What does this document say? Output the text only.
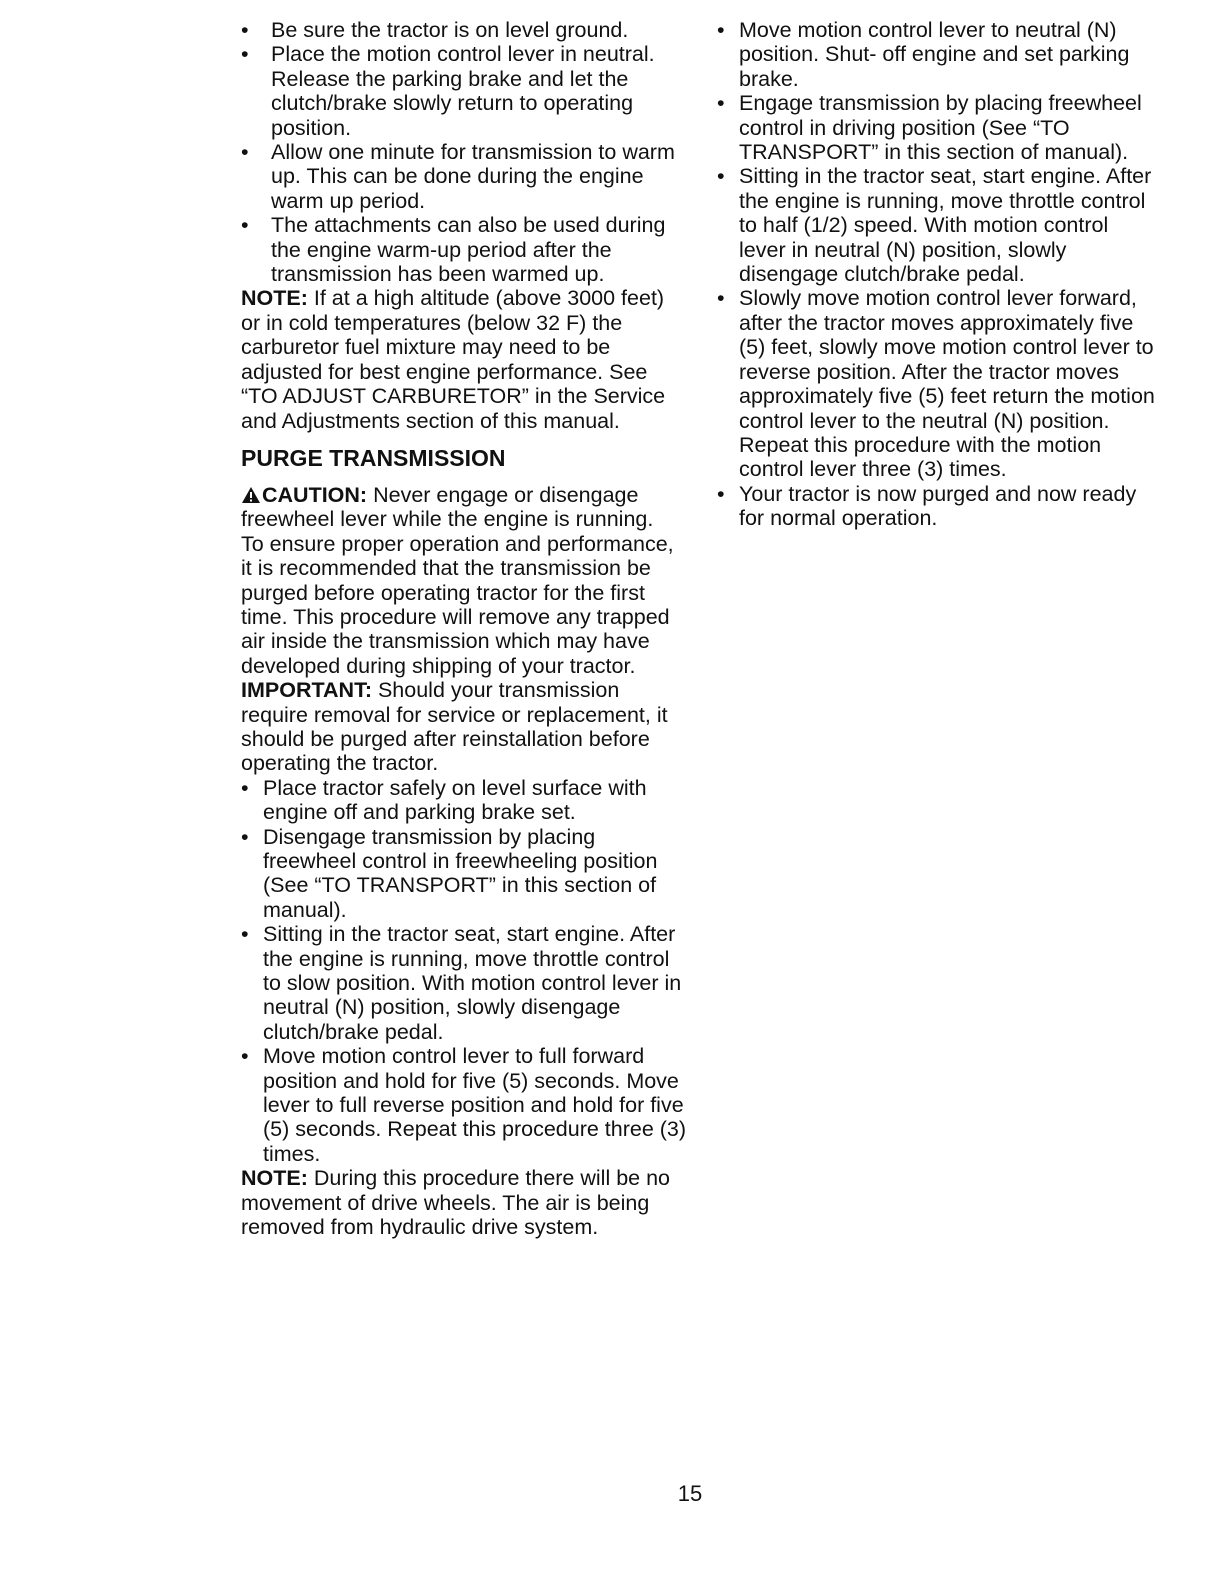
• Be sure the tractor is on level ground.
• Place the motion control lever in neutral. Release the parking brake and let the clutch/brake slowly return to operating position.
• Allow one minute for transmission to warm up. This can be done during the engine warm up period.
• The attachments can also be used during the engine warm-up period after the transmission has been warmed up.

NOTE: If at a high altitude (above 3000 feet) or in cold temperatures (below 32 F) the carburetor fuel mixture may need to be adjusted for best engine performance. See “TO ADJUST CARBURETOR” in the Service and Adjustments section of this manual.

PURGE TRANSMISSION

CAUTION: Never engage or disengage freewheel lever while the engine is running.

To ensure proper operation and performance, it is recommended that the transmission be purged before operating tractor for the first time. This procedure will remove any trapped air inside the transmission which may have developed during shipping of your tractor.

IMPORTANT: Should your transmission require removal for service or replacement, it should be purged after reinstallation before operating the tractor.

• Place tractor safely on level surface with engine off and parking brake set.
• Disengage transmission by placing freewheel control in freewheeling position (See “TO TRANSPORT” in this section of manual).
• Sitting in the tractor seat, start engine. After the engine is running, move throttle control to slow position. With motion control lever in neutral (N) position, slowly disengage clutch/brake pedal.
• Move motion control lever to full forward position and hold for five (5) seconds. Move lever to full reverse position and hold for five (5) seconds. Repeat this procedure three (3) times.

NOTE: During this procedure there will be no movement of drive wheels. The air is being removed from hydraulic drive system.

• Move motion control lever to neutral (N) position. Shut- off engine and set parking brake.
• Engage transmission by placing freewheel control in driving position (See “TO TRANSPORT” in this section of manual).
• Sitting in the tractor seat, start engine. After the engine is running, move throttle control to half (1/2) speed. With motion control lever in neutral (N) position, slowly disengage clutch/brake pedal.
• Slowly move motion control lever forward, after the tractor moves approximately five (5) feet, slowly move motion control lever to reverse position. After the tractor moves approximately five (5) feet return the motion control lever to the neutral (N) position. Repeat this procedure with the motion control lever three (3) times.
• Your tractor is now purged and now ready for normal operation.
15
